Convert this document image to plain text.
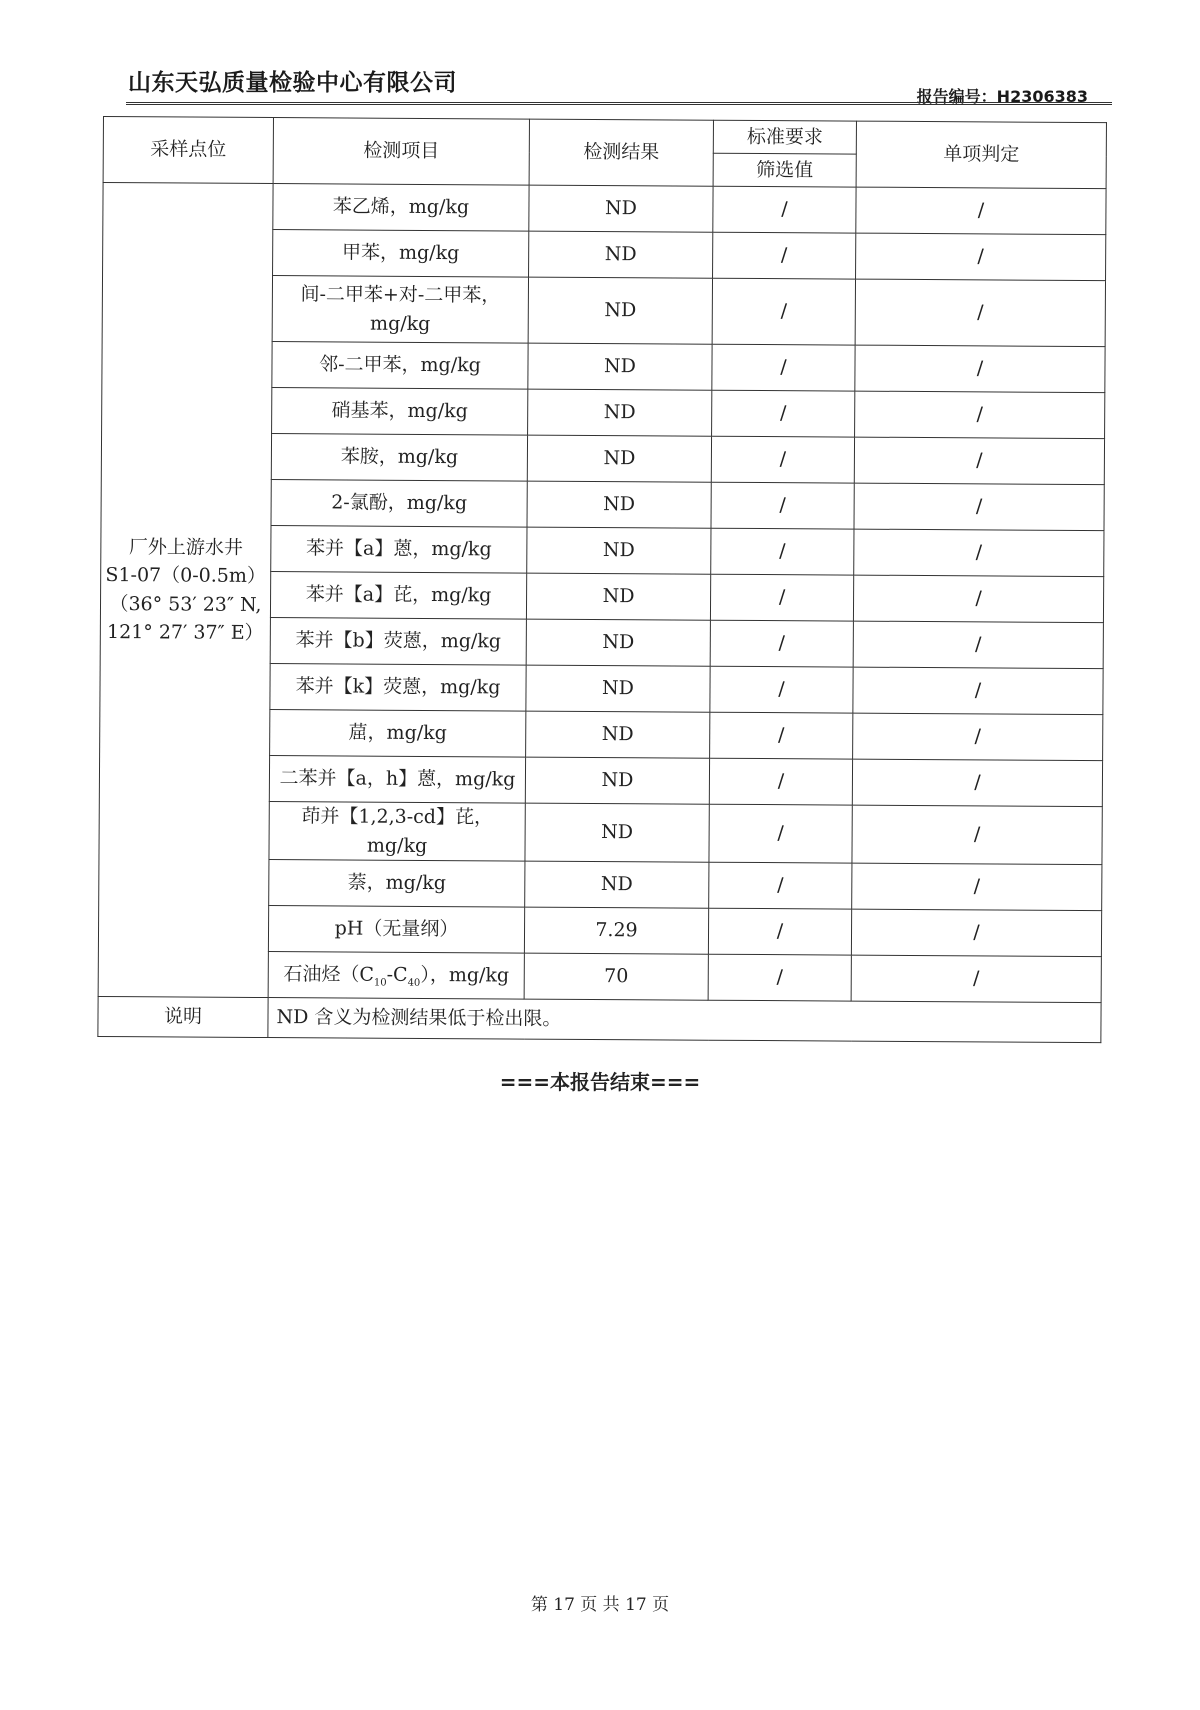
山东天弘质量检验中心有限公司
报告编号：H2306383
采样点位	检测项目	检测结果	标准要求	单项判定
			筛选值	
厂外上游水井
S1-07（0-0.5m）
（36° 53′ 23″ N,
121° 27′ 37″ E）	苯乙烯，mg/kg	ND	/	/
	甲苯，mg/kg	ND	/	/
	间-二甲苯+对-二甲苯，mg/kg	ND	/	/
	邻-二甲苯，mg/kg	ND	/	/
	硝基苯，mg/kg	ND	/	/
	苯胺，mg/kg	ND	/	/
	2-氯酚，mg/kg	ND	/	/
	苯并【a】蒽，mg/kg	ND	/	/
	苯并【a】芘，mg/kg	ND	/	/
	苯并【b】荧蒽，mg/kg	ND	/	/
	苯并【k】荧蒽，mg/kg	ND	/	/
	䓛，mg/kg	ND	/	/
	二苯并【a，h】蒽，mg/kg	ND	/	/
	茚并【1,2,3-cd】芘，mg/kg	ND	/	/
	萘，mg/kg	ND	/	/
	pH（无量纲）	7.29	/	/
	石油烃$(C_{10}-C_{40})$，mg/kg	70	/	/
说明	ND 含义为检测结果低于检出限。			
===本报告结束===
第 17 页 共 17 页
